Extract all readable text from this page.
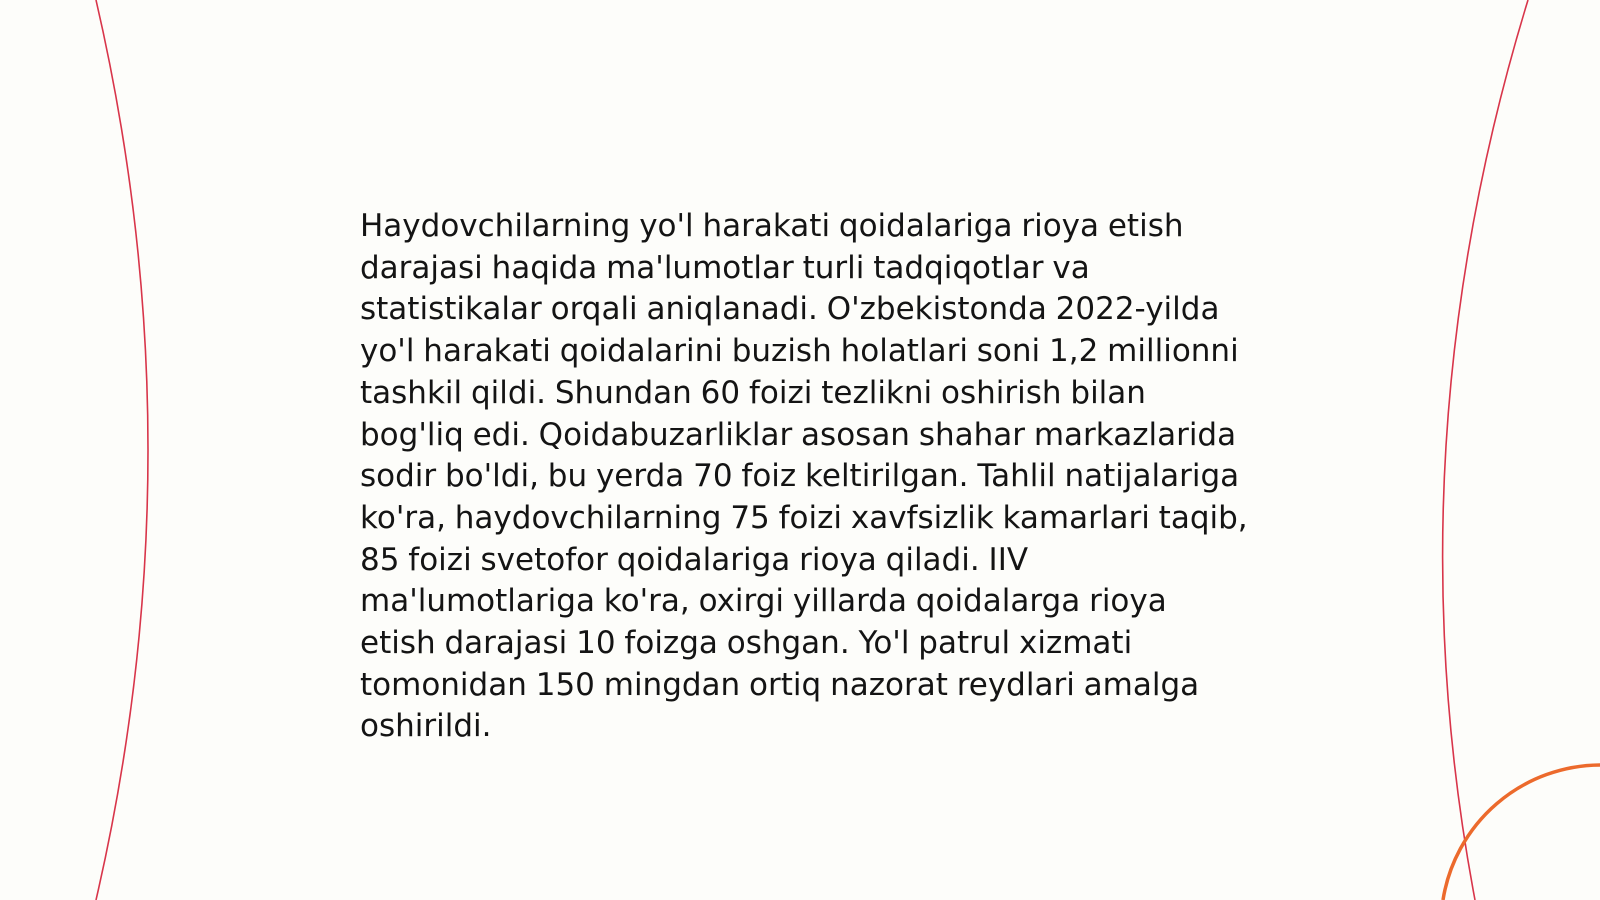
Haydovchilarning yo'l harakati qoidalariga rioya etish darajasi haqida ma'lumotlar turli tadqiqotlar va statistikalar orqali aniqlanadi. O'zbekistonda 2022-yilda yo'l harakati qoidalarini buzish holatlari soni 1,2 millionni tashkil qildi. Shundan 60 foizi tezlikni oshirish bilan bog'liq edi. Qoidabuzarliklar asosan shahar markazlarida sodir bo'ldi, bu yerda 70 foiz keltirilgan. Tahlil natijalariga ko'ra, haydovchilarning 75 foizi xavfsizlik kamarlari taqib, 85 foizi svetofor qoidalariga rioya qiladi. IIV ma'lumotlariga ko'ra, oxirgi yillarda qoidalarga rioya etish darajasi 10 foizga oshgan. Yo'l patrul xizmati tomonidan 150 mingdan ortiq nazorat reydlari amalga oshirildi.
